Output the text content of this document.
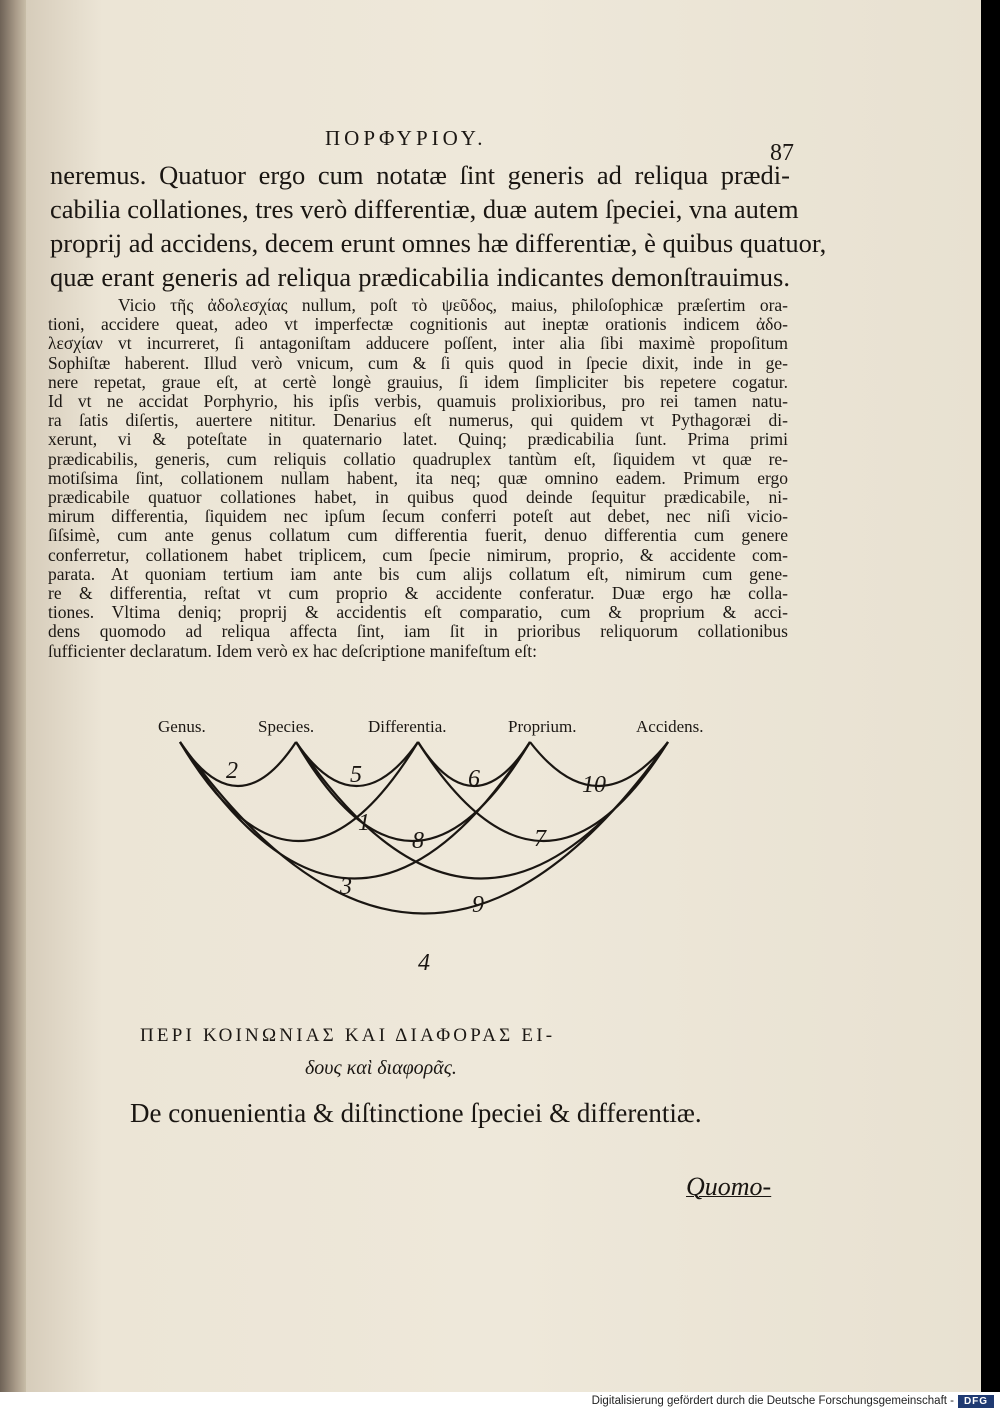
ΠΟΡΦΥΡΙΟΥ.
87
neremus. Quatuor ergo cum notatæ ſint generis ad reliqua prædi-
cabilia collationes, tres verò differentiæ, duæ autem ſpeciei, vna autem
proprij ad accidens, decem erunt omnes hæ differentiæ, è quibus quatuor,
quæ erant generis ad reliqua prædicabilia indicantes demonſtrauimus.
Vicio τῆς ἀδολεσχίας nullum, poſt τὸ ψεῦδος, maius, philoſophicæ præſertim ora-
tioni, accidere queat, adeo vt imperfectæ cognitionis aut ineptæ orationis indicem ἀδο-
λεσχίαν vt incurreret, ſi antagoniſtam adducere poſſent, inter alia ſibi maximè propoſitum
Sophiſtæ haberent. Illud verò vnicum, cum & ſi quis quod in ſpecie dixit, inde in ge-
nere repetat, graue eſt, at certè longè grauius, ſi idem ſimpliciter bis repetere cogatur.
Id vt ne accidat Porphyrio, his ipſis verbis, quamuis prolixioribus, pro rei tamen natu-
ra ſatis diſertis, auertere nititur. Denarius eſt numerus, qui quidem vt Pythagoræi di-
xerunt, vi & poteſtate in quaternario latet. Quinq; prædicabilia ſunt. Prima primi
prædicabilis, generis, cum reliquis collatio quadruplex tantùm eſt, ſiquidem vt quæ re-
motiſsima ſint, collationem nullam habent, ita neq; quæ omnino eadem. Primum ergo
prædicabile quatuor collationes habet, in quibus quod deinde ſequitur prædicabile, ni-
mirum differentia, ſiquidem nec ipſum ſecum conferri poteſt aut debet, nec niſi vicio-
ſiſsimè, cum ante genus collatum cum differentia fuerit, denuo differentia cum genere
conferretur, collationem habet triplicem, cum ſpecie nimirum, proprio, & accidente com-
parata. At quoniam tertium iam ante bis cum alijs collatum eſt, nimirum cum gene-
re & differentia, reſtat vt cum proprio & accidente conferatur. Duæ ergo hæ colla-
tiones. Vltima deniq; proprij & accidentis eſt comparatio, cum & proprium & acci-
dens quomodo ad reliqua affecta ſint, iam ſit in prioribus reliquorum collationibus
ſufficienter declaratum. Idem verò ex hac deſcriptione manifeſtum eſt:
Genus.	Species.	Differentia.	Proprium.	Accidens.
2	5	6	10
1
8	7
3
9
4
ΠΕΡΙ ΚΟΙΝΩΝΙΑΣ ΚΑΙ ΔΙΑΦΟΡΑΣ ΕΙ-
δους καὶ διαφορᾶς.
De conuenientia & diſtinctione ſpeciei & differentiæ.
Quomo-
Digitalisierung gefördert durch die Deutsche Forschungsgemeinschaft - DFG
